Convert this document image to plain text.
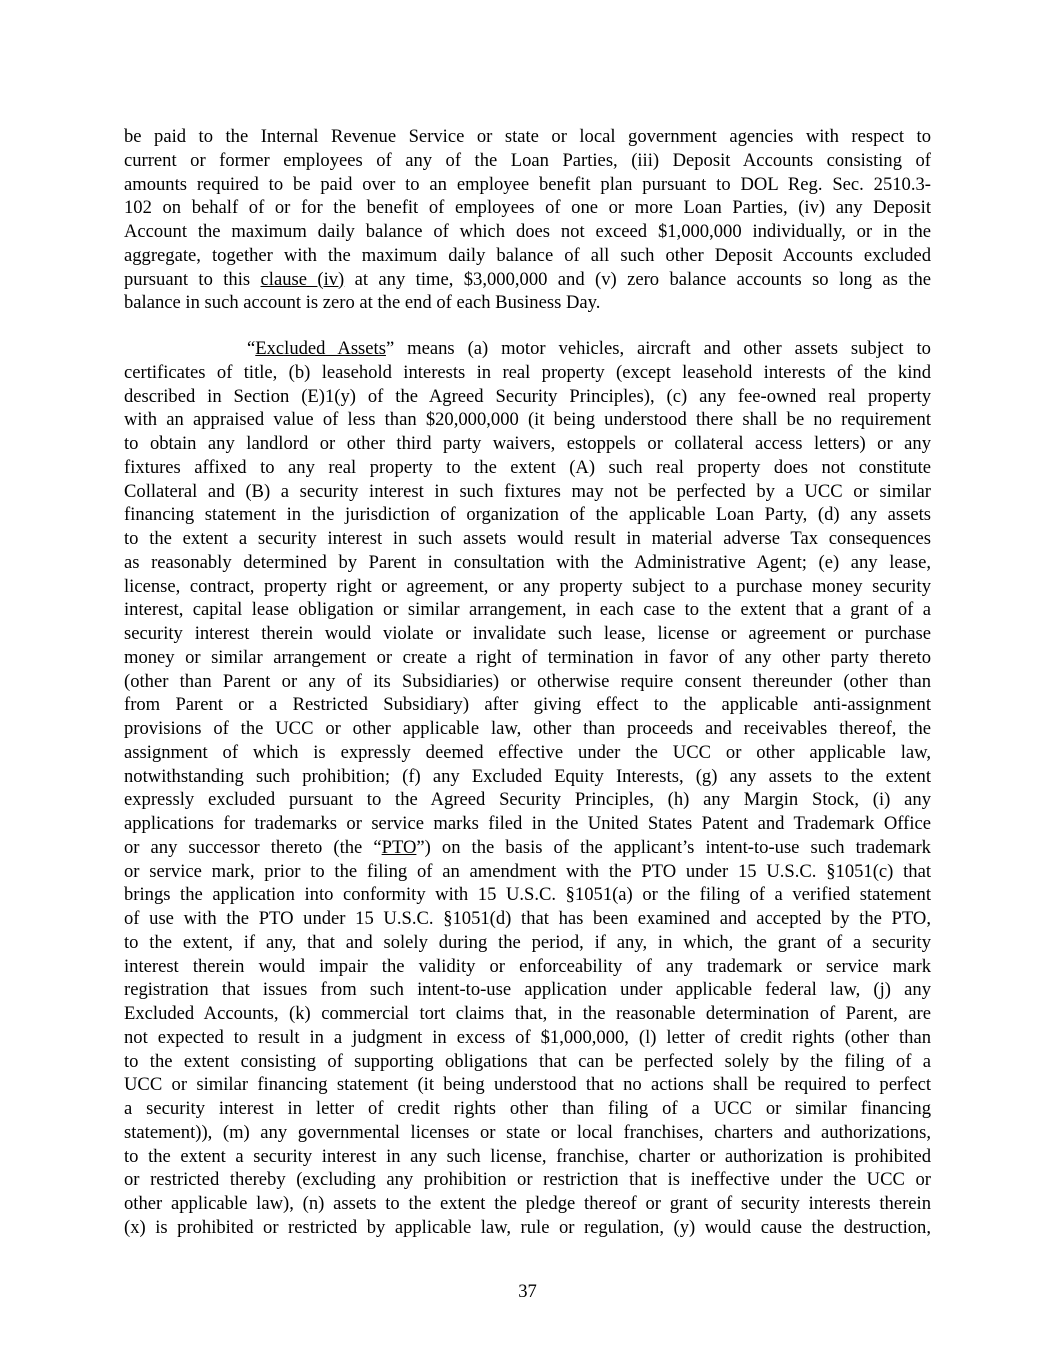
be paid to the Internal Revenue Service or state or local government agencies with respect to
current or former employees of any of the Loan Parties, (iii) Deposit Accounts consisting of
amounts required to be paid over to an employee benefit plan pursuant to DOL Reg. Sec. 2510.3-
102 on behalf of or for the benefit of employees of one or more Loan Parties, (iv) any Deposit
Account the maximum daily balance of which does not exceed $1,000,000 individually, or in the
aggregate, together with the maximum daily balance of all such other Deposit Accounts excluded
pursuant to this clause (iv) at any time, $3,000,000 and (v) zero balance accounts so long as the
balance in such account is zero at the end of each Business Day.
“Excluded Assets” means (a) motor vehicles, aircraft and other assets subject to
certificates of title, (b) leasehold interests in real property (except leasehold interests of the kind
described in Section (E)1(y) of the Agreed Security Principles), (c) any fee-owned real property
with an appraised value of less than $20,000,000 (it being understood there shall be no requirement
to obtain any landlord or other third party waivers, estoppels or collateral access letters) or any
fixtures affixed to any real property to the extent (A) such real property does not constitute
Collateral and (B) a security interest in such fixtures may not be perfected by a UCC or similar
financing statement in the jurisdiction of organization of the applicable Loan Party, (d) any assets
to the extent a security interest in such assets would result in material adverse Tax consequences
as reasonably determined by Parent in consultation with the Administrative Agent; (e) any lease,
license, contract, property right or agreement, or any property subject to a purchase money security
interest, capital lease obligation or similar arrangement, in each case to the extent that a grant of a
security interest therein would violate or invalidate such lease, license or agreement or purchase
money or similar arrangement or create a right of termination in favor of any other party thereto
(other than Parent or any of its Subsidiaries) or otherwise require consent thereunder (other than
from Parent or a Restricted Subsidiary) after giving effect to the applicable anti-assignment
provisions of the UCC or other applicable law, other than proceeds and receivables thereof, the
assignment of which is expressly deemed effective under the UCC or other applicable law,
notwithstanding such prohibition; (f) any Excluded Equity Interests, (g) any assets to the extent
expressly excluded pursuant to the Agreed Security Principles, (h) any Margin Stock, (i) any
applications for trademarks or service marks filed in the United States Patent and Trademark Office
or any successor thereto (the “PTO”) on the basis of the applicant’s intent-to-use such trademark
or service mark, prior to the filing of an amendment with the PTO under 15 U.S.C. §1051(c) that
brings the application into conformity with 15 U.S.C. §1051(a) or the filing of a verified statement
of use with the PTO under 15 U.S.C. §1051(d) that has been examined and accepted by the PTO,
to the extent, if any, that and solely during the period, if any, in which, the grant of a security
interest therein would impair the validity or enforceability of any trademark or service mark
registration that issues from such intent-to-use application under applicable federal law, (j) any
Excluded Accounts, (k) commercial tort claims that, in the reasonable determination of Parent, are
not expected to result in a judgment in excess of $1,000,000, (l) letter of credit rights (other than
to the extent consisting of supporting obligations that can be perfected solely by the filing of a
UCC or similar financing statement (it being understood that no actions shall be required to perfect
a security interest in letter of credit rights other than filing of a UCC or similar financing
statement)), (m) any governmental licenses or state or local franchises, charters and authorizations,
to the extent a security interest in any such license, franchise, charter or authorization is prohibited
or restricted thereby (excluding any prohibition or restriction that is ineffective under the UCC or
other applicable law), (n) assets to the extent the pledge thereof or grant of security interests therein
(x) is prohibited or restricted by applicable law, rule or regulation, (y) would cause the destruction,
37
